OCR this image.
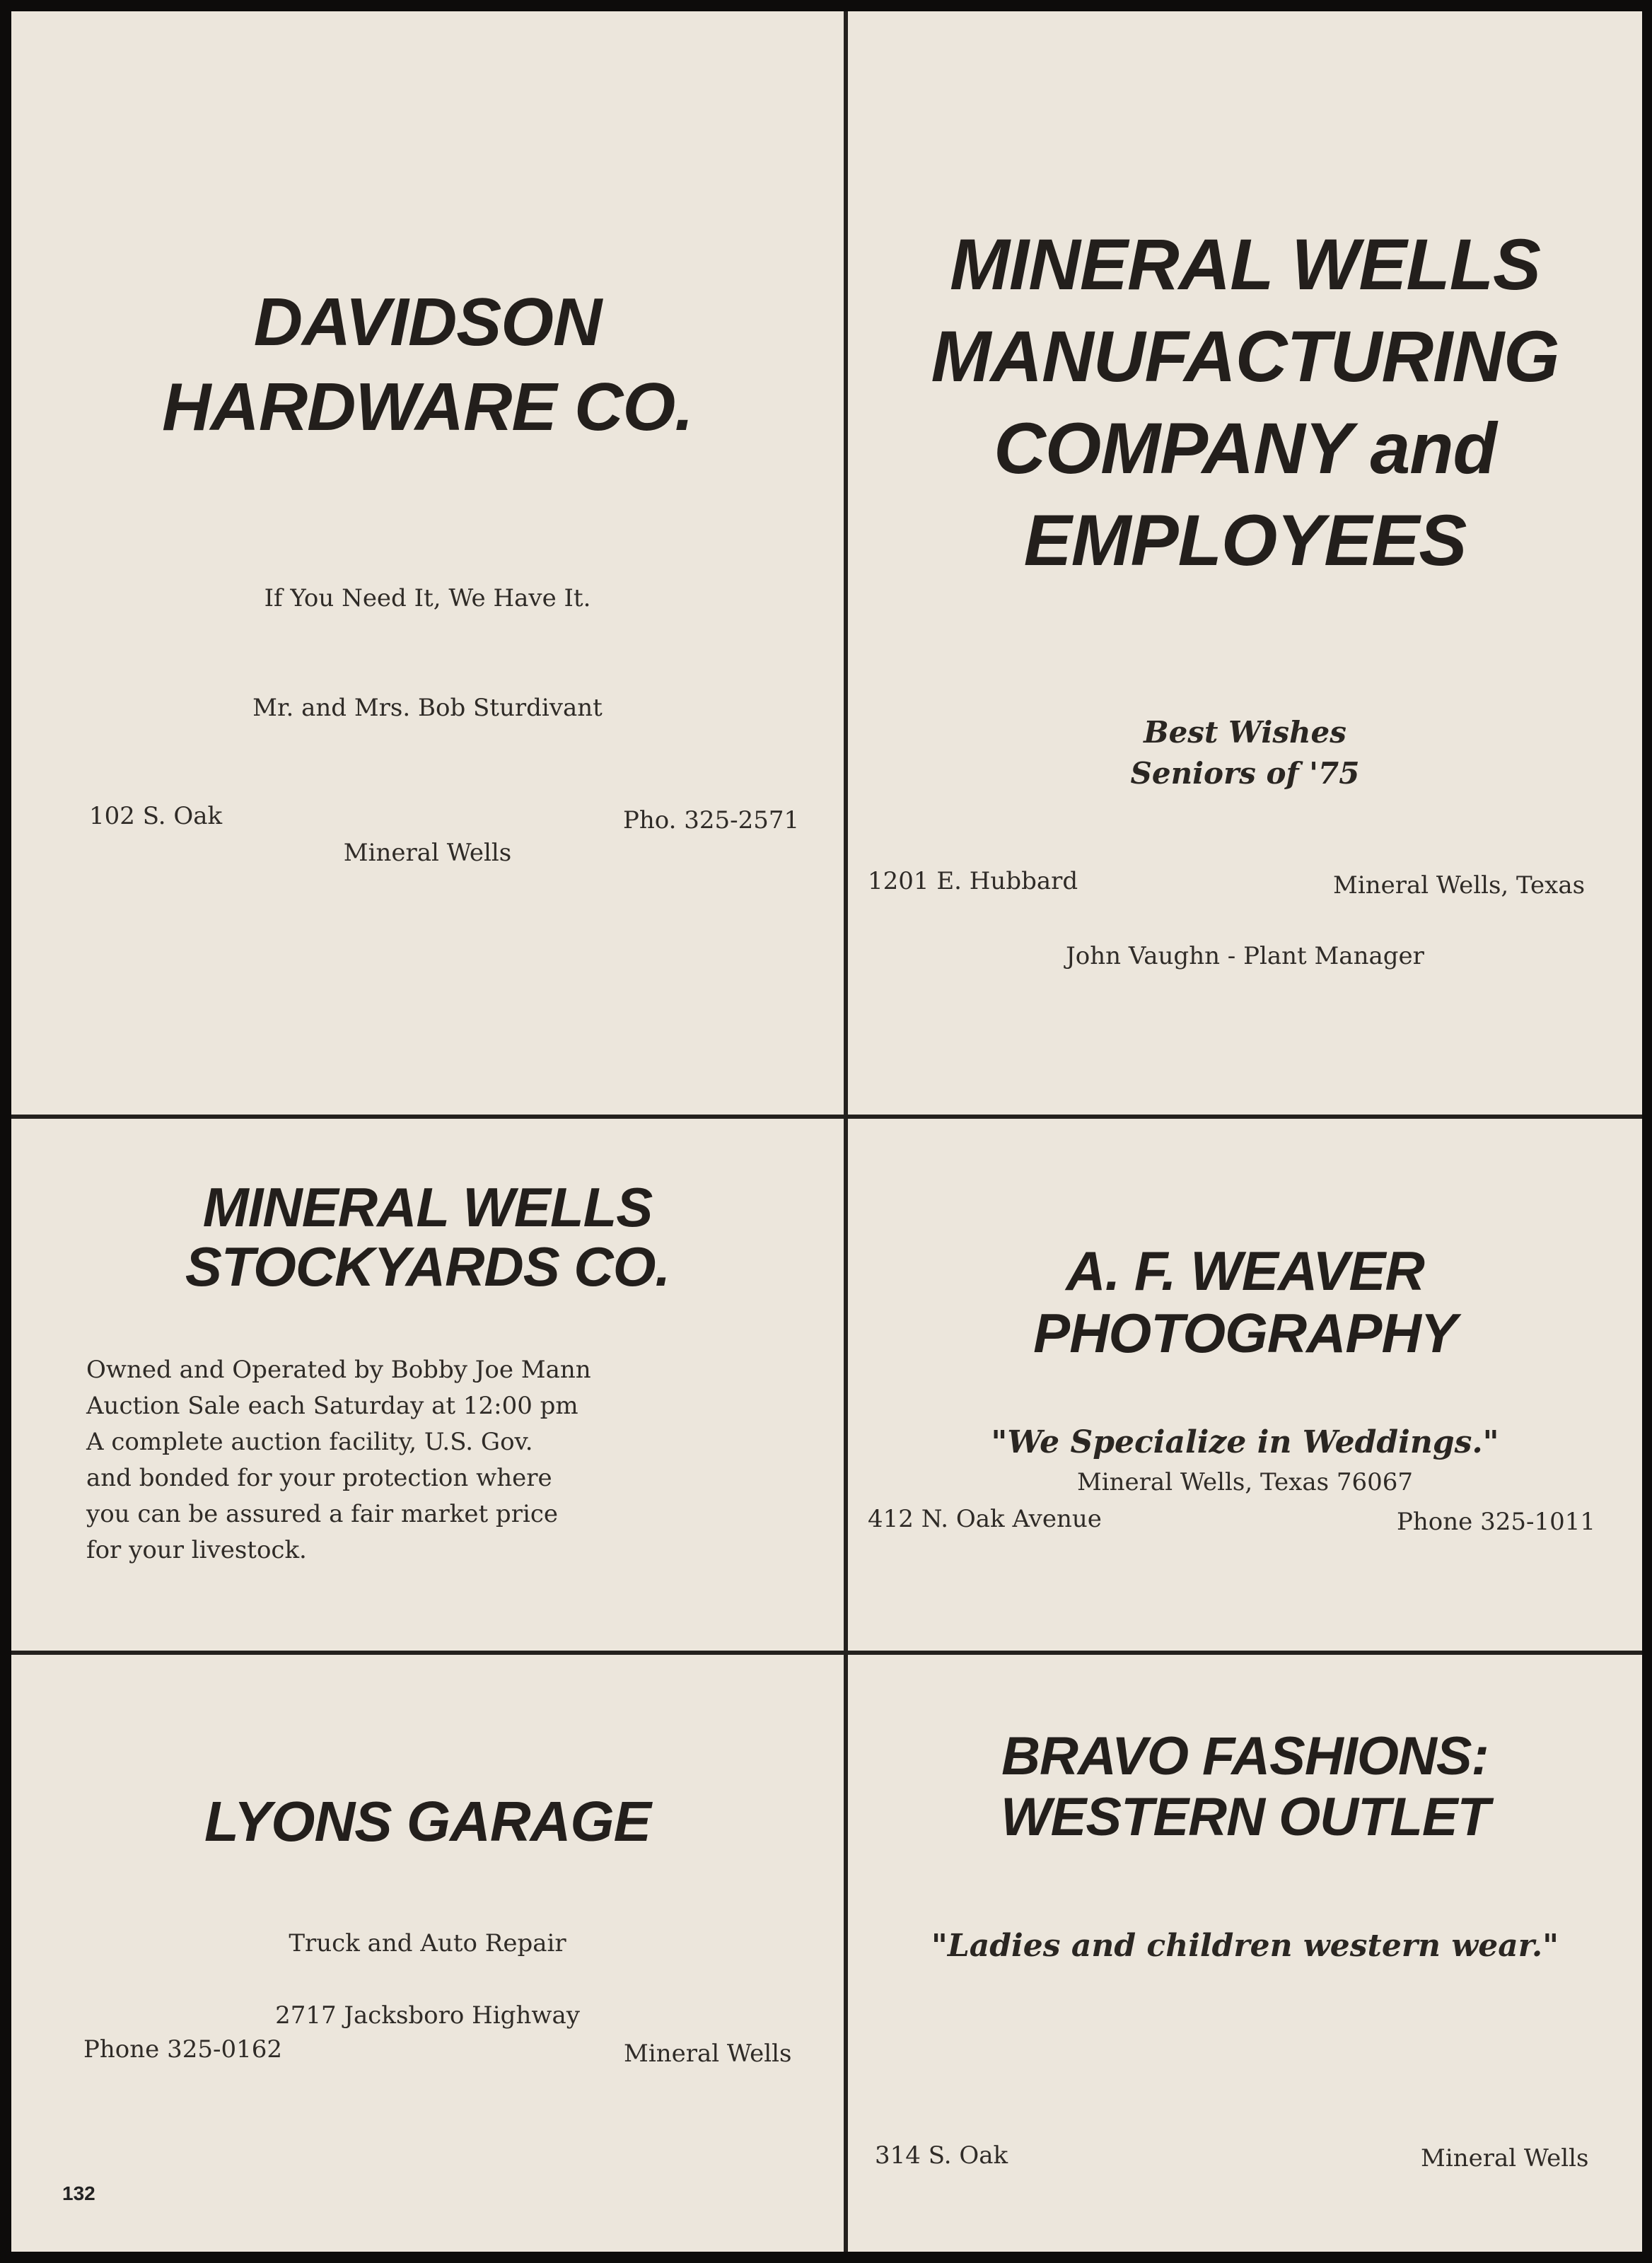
DAVIDSON
HARDWARE CO.
If You Need It, We Have It.
Mr. and Mrs. Bob Sturdivant
102 S. Oak	Pho. 325-2571
Mineral Wells
MINERAL WELLS
MANUFACTURING
COMPANY and
EMPLOYEES
Best Wishes
Seniors of '75
1201 E. Hubbard	Mineral Wells, Texas
John Vaughn - Plant Manager
MINERAL WELLS
STOCKYARDS CO.
Owned and Operated by Bobby Joe Mann
Auction Sale each Saturday at 12:00 pm
A complete auction facility, U.S. Gov.
and bonded for your protection where
you can be assured a fair market price
for your livestock.
A. F. WEAVER
PHOTOGRAPHY
"We Specialize in Weddings."
Mineral Wells, Texas 76067
412 N. Oak Avenue	Phone 325-1011
LYONS GARAGE
Truck and Auto Repair
2717 Jacksboro Highway
Phone 325-0162	Mineral Wells
132
BRAVO FASHIONS:
WESTERN OUTLET
"Ladies and children western wear."
314 S. Oak	Mineral Wells
